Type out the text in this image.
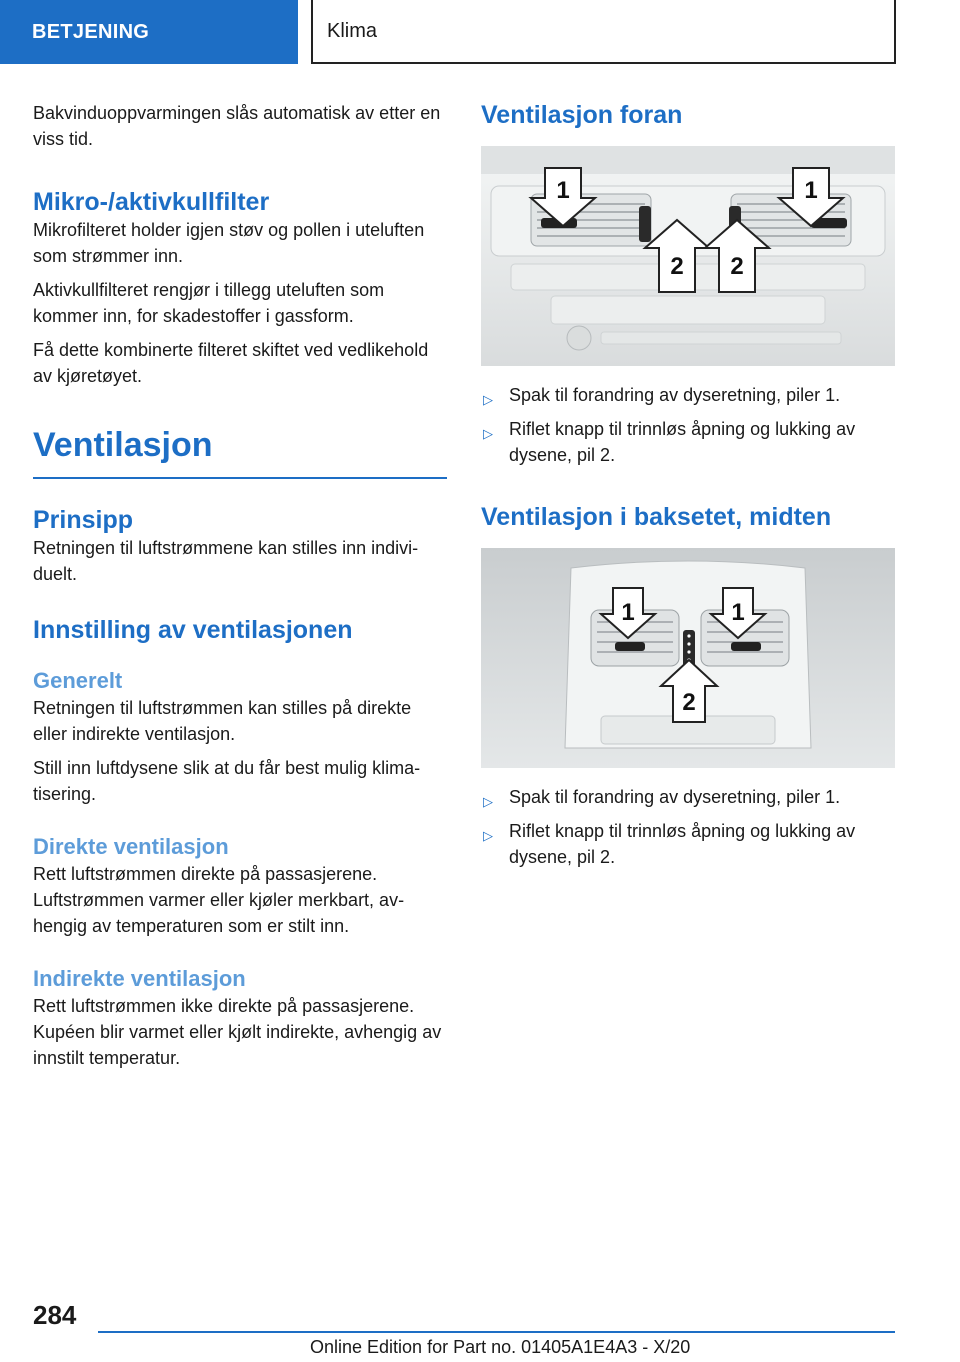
BETJENING	Klima

Bakvinduoppvarmingen slås automatisk av etter en viss tid.

Mikro-/aktivkullfilter

Mikrofilteret holder igjen støv og pollen i uteluften som strømmer inn.

Aktivkullfilteret rengjør i tillegg uteluften som kommer inn, for skadestoffer i gassform.

Få dette kombinerte filteret skiftet ved vedlikehold av kjøretøyet.

Ventilasjon
Prinsipp

Retningen til luftstrømmene kan stilles inn individuelt.

Innstilling av ventilasjonen
Generelt

Retningen til luftstrømmen kan stilles på direkte eller indirekte ventilasjon.

Still inn luftdysene slik at du får best mulig klimatisering.

Direkte ventilasjon

Rett luftstrømmen direkte på passasjerene. Luftstrømmen varmer eller kjøler merkbart, avhengig av temperaturen som er stilt inn.

Indirekte ventilasjon

Rett luftstrømmen ikke direkte på passasjerene. Kupéen blir varmet eller kjølt indirekte, avhengig av innstilt temperatur.

Ventilasjon foran
1	1
2 2
▷ Spak til forandring av dyseretning, piler 1.
▷ Riflet knapp til trinnløs åpning og lukking av dysene, pil 2.
Ventilasjon i baksetet, midten
1	1
2
▷ Spak til forandring av dyseretning, piler 1.
▷ Riflet knapp til trinnløs åpning og lukking av dysene, pil 2.
284
Online Edition for Part no. 01405A1E4A3 - X/20
